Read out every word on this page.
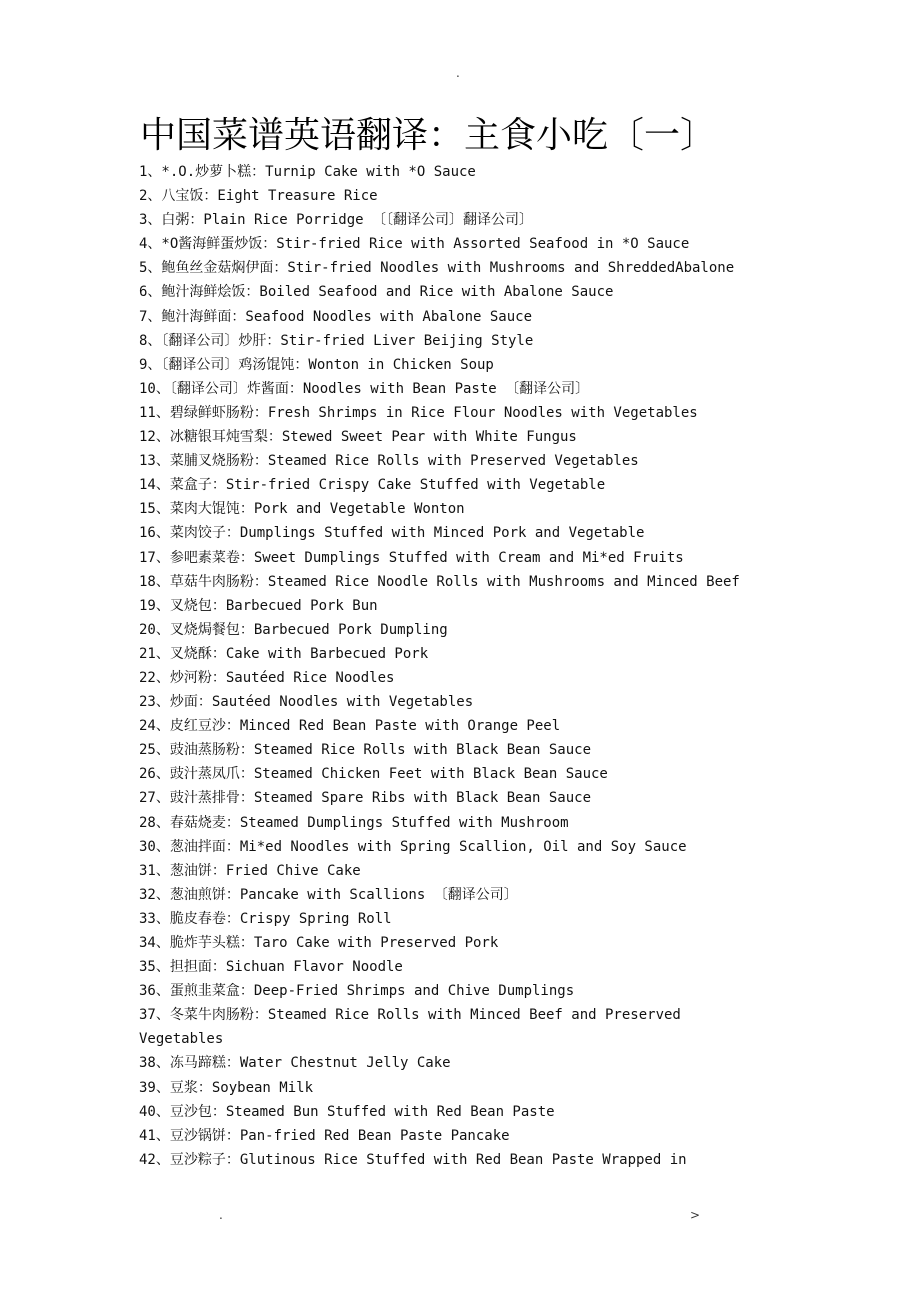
.
中国菜谱英语翻译：主食小吃〔一〕
1、*.O.炒萝卜糕：Turnip Cake with *O Sauce
2、八宝饭：Eight Treasure Rice
3、白粥：Plain Rice Porridge 〔〔翻译公司〕翻译公司〕
4、*O酱海鲜蛋炒饭：Stir-fried Rice with Assorted Seafood in *O Sauce
5、鲍鱼丝金菇焖伊面：Stir-fried Noodles with Mushrooms and ShreddedAbalone
6、鲍汁海鲜烩饭：Boiled Seafood and Rice with Abalone Sauce
7、鲍汁海鲜面：Seafood Noodles with Abalone Sauce
8、〔翻译公司〕炒肝：Stir-fried Liver Beijing Style
9、〔翻译公司〕鸡汤馄饨：Wonton in Chicken Soup
10、〔翻译公司〕炸酱面：Noodles with Bean Paste 〔翻译公司〕
11、碧绿鲜虾肠粉：Fresh Shrimps in Rice Flour Noodles with Vegetables
12、冰糖银耳炖雪梨：Stewed Sweet Pear with White Fungus
13、菜脯叉烧肠粉：Steamed Rice Rolls with Preserved Vegetables
14、菜盒子：Stir-fried Crispy Cake Stuffed with Vegetable
15、菜肉大馄饨：Pork and Vegetable Wonton
16、菜肉饺子：Dumplings Stuffed with Minced Pork and Vegetable
17、参吧素菜卷：Sweet Dumplings Stuffed with Cream and Mi*ed Fruits
18、草菇牛肉肠粉：Steamed Rice Noodle Rolls with Mushrooms and Minced Beef
19、叉烧包：Barbecued Pork Bun
20、叉烧焗餐包：Barbecued Pork Dumpling
21、叉烧酥：Cake with Barbecued Pork
22、炒河粉：Sautéed Rice Noodles
23、炒面：Sautéed Noodles with Vegetables
24、皮红豆沙：Minced Red Bean Paste with Orange Peel
25、豉油蒸肠粉：Steamed Rice Rolls with Black Bean Sauce
26、豉汁蒸凤爪：Steamed Chicken Feet with Black Bean Sauce
27、豉汁蒸排骨：Steamed Spare Ribs with Black Bean Sauce
28、春菇烧麦：Steamed Dumplings Stuffed with Mushroom
30、葱油拌面：Mi*ed Noodles with Spring Scallion, Oil and Soy Sauce
31、葱油饼：Fried Chive Cake
32、葱油煎饼：Pancake with Scallions 〔翻译公司〕
33、脆皮春卷：Crispy Spring Roll
34、脆炸芋头糕：Taro Cake with Preserved Pork
35、担担面：Sichuan Flavor Noodle
36、蛋煎韭菜盒：Deep-Fried Shrimps and Chive Dumplings
37、冬菜牛肉肠粉：Steamed Rice Rolls with Minced Beef and Preserved Vegetables
38、冻马蹄糕：Water Chestnut Jelly Cake
39、豆浆：Soybean Milk
40、豆沙包：Steamed Bun Stuffed with Red Bean Paste
41、豆沙锅饼：Pan-fried Red Bean Paste Pancake
42、豆沙粽子：Glutinous Rice Stuffed with Red Bean Paste Wrapped in
.	>
